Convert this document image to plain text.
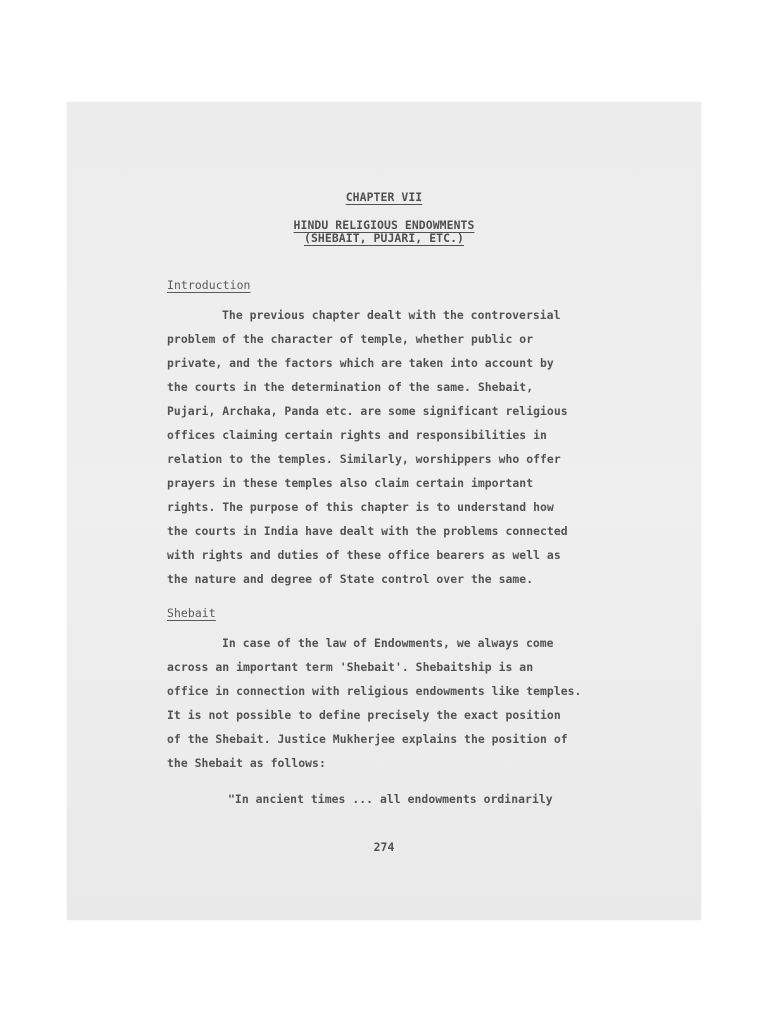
CHAPTER VII
HINDU RELIGIOUS ENDOWMENTS
(SHEBAIT, PUJARI, ETC.)
Introduction
The previous chapter dealt with the controversial
problem of the character of temple, whether public or
private, and the factors which are taken into account by
the courts in the determination of the same. Shebait,
Pujari, Archaka, Panda etc. are some significant religious
offices claiming certain rights and responsibilities in
relation to the temples. Similarly, worshippers who offer
prayers in these temples also claim certain important
rights. The purpose of this chapter is to understand how
the courts in India have dealt with the problems connected
with rights and duties of these office bearers as well as
the nature and degree of State control over the same.
Shebait
In case of the law of Endowments, we always come
across an important term 'Shebait'. Shebaitship is an
office in connection with religious endowments like temples.
It is not possible to define precisely the exact position
of the Shebait. Justice Mukherjee explains the position of
the Shebait as follows:
"In ancient times ... all endowments ordinarily
274
